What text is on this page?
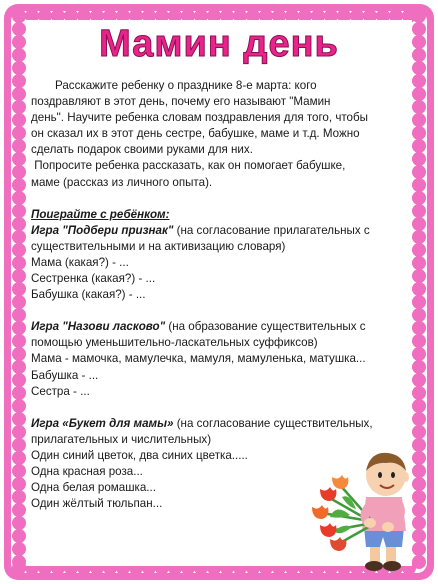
Мамин день

Расскажите ребенку о празднике 8-е марта: кого

поздравляют в этот день, почему его называют "Мамин

день". Научите ребенка словам поздравления для того, чтобы

он сказал их в этот день сестре, бабушке, маме и т.д. Можно

сделать подарок своими руками для них.

Попросите ребенка рассказать, как он помогает бабушке,

маме (рассказ из личного опыта).

Поиграйте с ребёнком:

Игра "Подбери признак" (на согласование прилагательных с

существительными и на активизацию словаря)

Мама (какая?) - ...

Сестренка (какая?) - ...

Бабушка (какая?) - ...

Игра "Назови ласково" (на образование существительных с

помощью уменьшительно-ласкательных суффиксов)

Мама - мамочка, мамулечка, мамуля, мамуленька, матушка...

Бабушка - ...

Сестра - ...

Игра «Букет для мамы» (на согласование существительных,

прилагательных и числительных)

Один синий цветок, два синих цветка.....

Одна красная роза...

Одна белая ромашка...

Один жёлтый тюльпан...
